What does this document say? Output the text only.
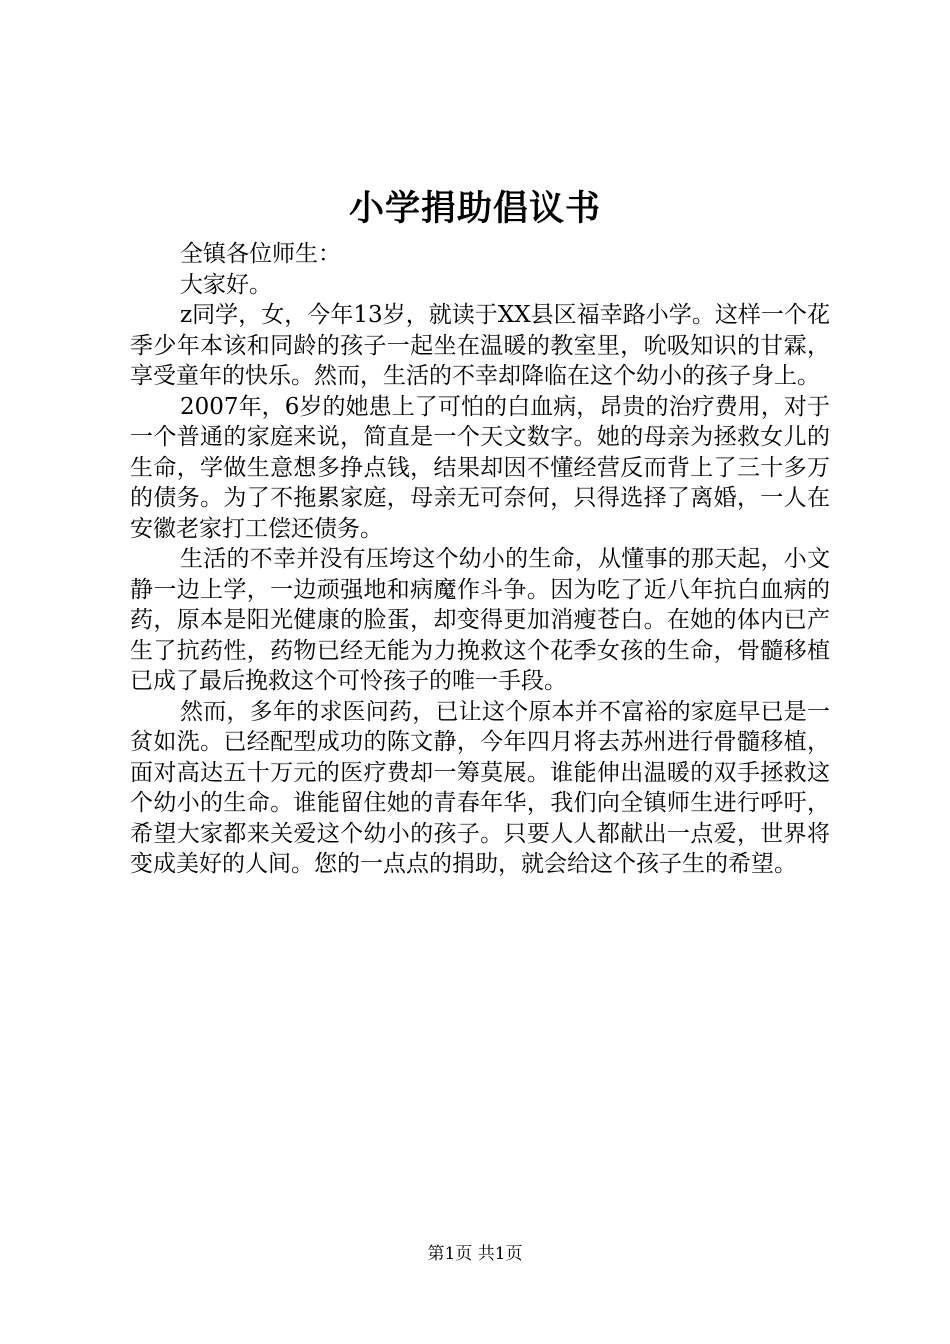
小学捐助倡议书

全镇各位师生：

大家好。

z同学，女，今年13岁，就读于XX县区福幸路小学。这样一个花季少年本该和同龄的孩子一起坐在温暖的教室里，吮吸知识的甘霖，享受童年的快乐。然而，生活的不幸却降临在这个幼小的孩子身上。

2007年，6岁的她患上了可怕的白血病，昂贵的治疗费用，对于一个普通的家庭来说，简直是一个天文数字。她的母亲为拯救女儿的生命，学做生意想多挣点钱，结果却因不懂经营反而背上了三十多万的债务。为了不拖累家庭，母亲无可奈何，只得选择了离婚，一人在安徽老家打工偿还债务。

生活的不幸并没有压垮这个幼小的生命，从懂事的那天起，小文静一边上学，一边顽强地和病魔作斗争。因为吃了近八年抗白血病的药，原本是阳光健康的脸蛋，却变得更加消瘦苍白。在她的体内已产生了抗药性，药物已经无能为力挽救这个花季女孩的生命，骨髓移植已成了最后挽救这个可怜孩子的唯一手段。

然而，多年的求医问药，已让这个原本并不富裕的家庭早已是一贫如洗。已经配型成功的陈文静，今年四月将去苏州进行骨髓移植，面对高达五十万元的医疗费却一筹莫展。谁能伸出温暖的双手拯救这个幼小的生命。谁能留住她的青春年华，我们向全镇师生进行呼吁，希望大家都来关爱这个幼小的孩子。只要人人都献出一点爱，世界将变成美好的人间。您的一点点的捐助，就会给这个孩子生的希望。

第1页 共1页
